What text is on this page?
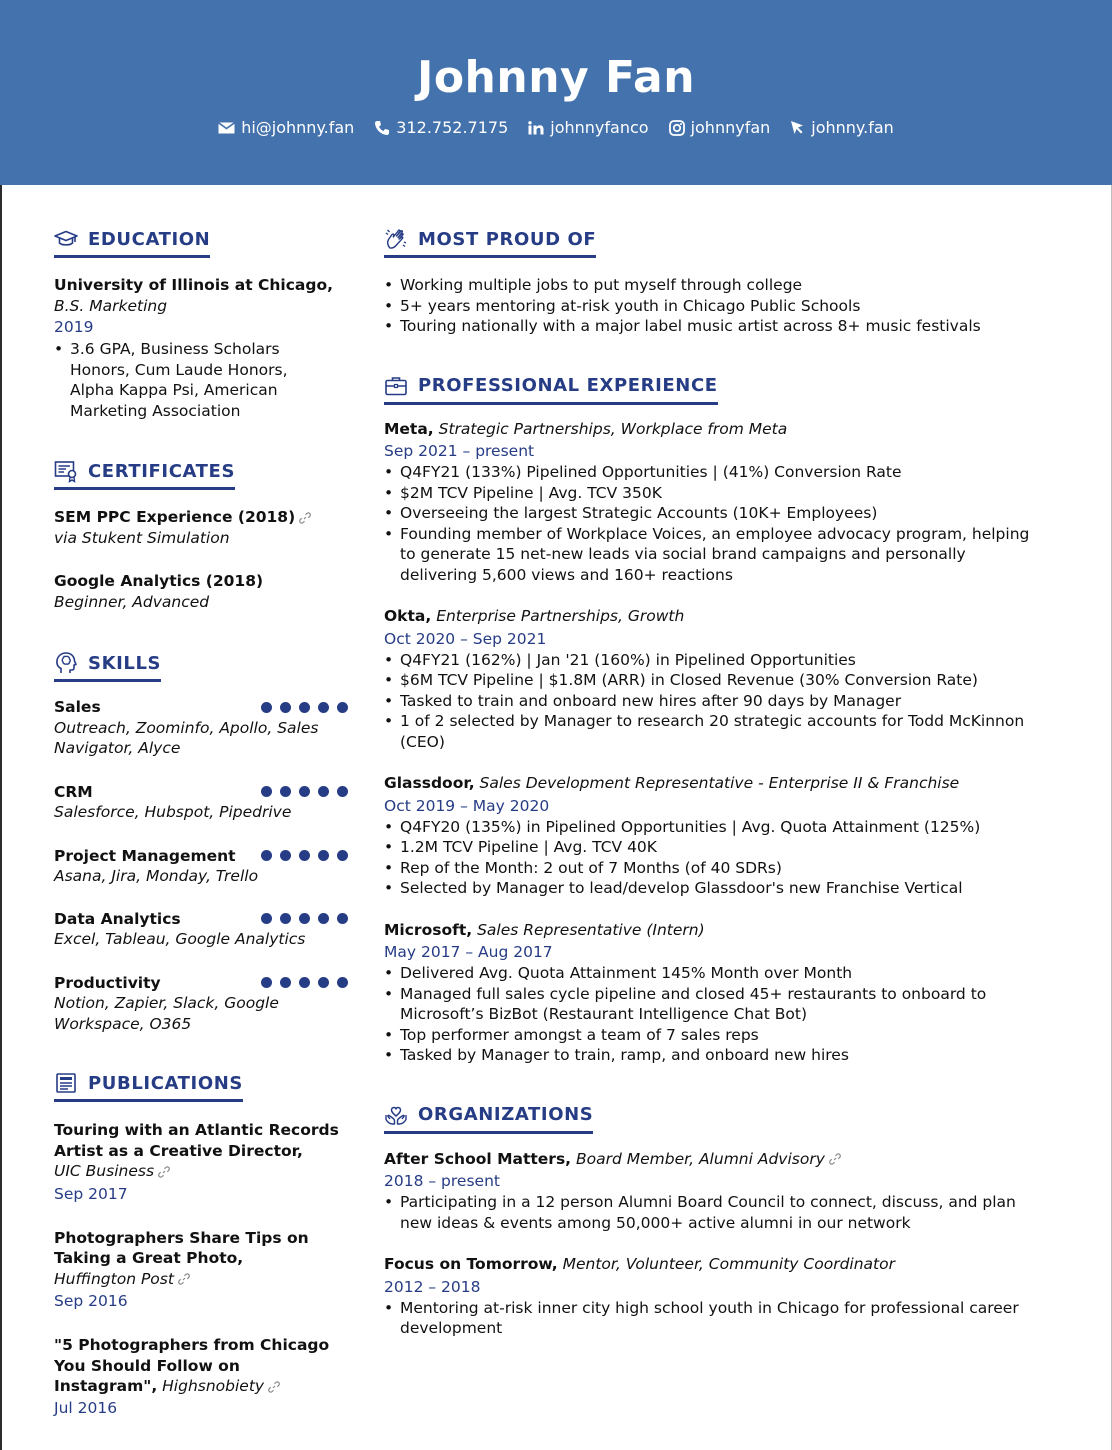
Johnny Fan
hi@johnny.fan	312.752.7175	johnnyfanco	johnnyfan	johnny.fan
EDUCATION
University of Illinois at Chicago,
B.S. Marketing
2019
• 3.6 GPA, Business Scholars Honors, Cum Laude Honors, Alpha Kappa Psi, American Marketing Association
CERTIFICATES
SEM PPC Experience (2018)
via Stukent Simulation
Google Analytics (2018)
Beginner, Advanced
SKILLS
Sales
Outreach, Zoominfo, Apollo, Sales
Navigator, Alyce
CRM
Salesforce, Hubspot, Pipedrive
Project Management
Asana, Jira, Monday, Trello
Data Analytics
Excel, Tableau, Google Analytics
Productivity
Notion, Zapier, Slack, Google
Workspace, O365
PUBLICATIONS
Touring with an Atlantic Records
Artist as a Creative Director,
UIC Business
Sep 2017
Photographers Share Tips on
Taking a Great Photo,
Huffington Post
Sep 2016
"5 Photographers from Chicago
You Should Follow on
Instagram", Highsnobiety
Jul 2016
MOST PROUD OF
• Working multiple jobs to put myself through college
• 5+ years mentoring at-risk youth in Chicago Public Schools
• Touring nationally with a major label music artist across 8+ music festivals
PROFESSIONAL EXPERIENCE
Meta, Strategic Partnerships, Workplace from Meta
Sep 2021 – present
• Q4FY21 (133%) Pipelined Opportunities | (41%) Conversion Rate
• $2M TCV Pipeline | Avg. TCV 350K
• Overseeing the largest Strategic Accounts (10K+ Employees)
• Founding member of Workplace Voices, an employee advocacy program, helping to generate 15 net-new leads via social brand campaigns and personally delivering 5,600 views and 160+ reactions
Okta, Enterprise Partnerships, Growth
Oct 2020 – Sep 2021
• Q4FY21 (162%) | Jan '21 (160%) in Pipelined Opportunities
• $6M TCV Pipeline | $1.8M (ARR) in Closed Revenue (30% Conversion Rate)
• Tasked to train and onboard new hires after 90 days by Manager
• 1 of 2 selected by Manager to research 20 strategic accounts for Todd McKinnon (CEO)
Glassdoor, Sales Development Representative - Enterprise II & Franchise
Oct 2019 – May 2020
• Q4FY20 (135%) in Pipelined Opportunities | Avg. Quota Attainment (125%)
• 1.2M TCV Pipeline | Avg. TCV 40K
• Rep of the Month: 2 out of 7 Months (of 40 SDRs)
• Selected by Manager to lead/develop Glassdoor's new Franchise Vertical
Microsoft, Sales Representative (Intern)
May 2017 – Aug 2017
• Delivered Avg. Quota Attainment 145% Month over Month
• Managed full sales cycle pipeline and closed 45+ restaurants to onboard to Microsoft’s BizBot (Restaurant Intelligence Chat Bot)
• Top performer amongst a team of 7 sales reps
• Tasked by Manager to train, ramp, and onboard new hires
ORGANIZATIONS
After School Matters, Board Member, Alumni Advisory
2018 – present
• Participating in a 12 person Alumni Board Council to connect, discuss, and plan new ideas & events among 50,000+ active alumni in our network
Focus on Tomorrow, Mentor, Volunteer, Community Coordinator
2012 – 2018
• Mentoring at-risk inner city high school youth in Chicago for professional career development
